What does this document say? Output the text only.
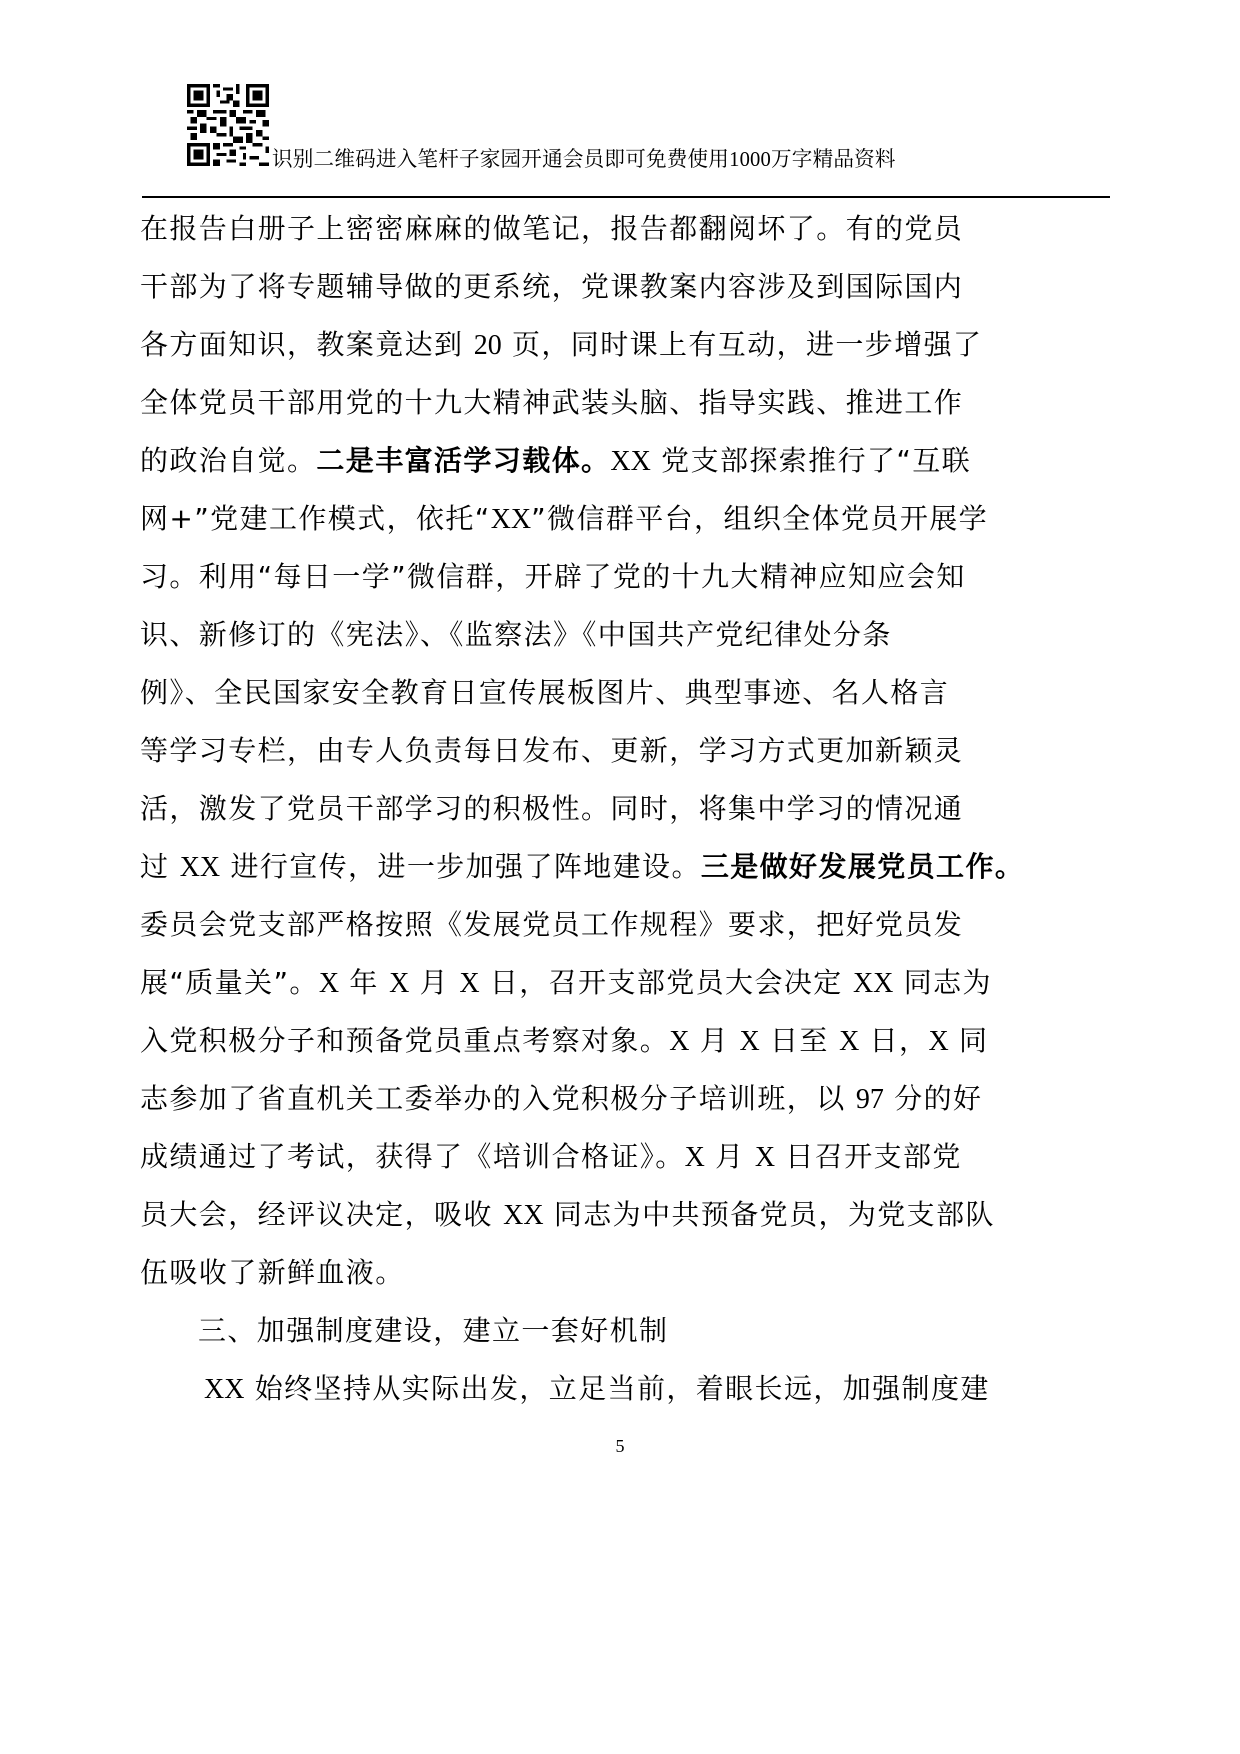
识别二维码进入笔杆子家园开通会员即可免费使用1000万字精品资料
在报告白册子上密密麻麻的做笔记，报告都翻阅坏了。有的党员
干部为了将专题辅导做的更系统，党课教案内容涉及到国际国内
各方面知识，教案竟达到 20 页，同时课上有互动，进一步增强了
全体党员干部用党的十九大精神武装头脑、指导实践、推进工作
的政治自觉。二是丰富活学习载体。XX 党支部探索推行了“互联
网+”党建工作模式，依托“XX”微信群平台，组织全体党员开展学
习。利用“每日一学”微信群，开辟了党的十九大精神应知应会知
识、新修订的《宪法》、《监察法》《中国共产党纪律处分条
例》、全民国家安全教育日宣传展板图片、典型事迹、名人格言
等学习专栏，由专人负责每日发布、更新，学习方式更加新颖灵
活，激发了党员干部学习的积极性。同时，将集中学习的情况通
过 XX 进行宣传，进一步加强了阵地建设。三是做好发展党员工作。
委员会党支部严格按照《发展党员工作规程》要求，把好党员发
展“质量关”。X 年 X 月 X 日，召开支部党员大会决定 XX 同志为
入党积极分子和预备党员重点考察对象。X 月 X 日至 X 日，X 同
志参加了省直机关工委举办的入党积极分子培训班，以 97 分的好
成绩通过了考试，获得了《培训合格证》。X 月 X 日召开支部党
员大会，经评议决定，吸收 XX 同志为中共预备党员，为党支部队
伍吸收了新鲜血液。
三、加强制度建设，建立一套好机制
XX 始终坚持从实际出发，立足当前，着眼长远，加强制度建
5
